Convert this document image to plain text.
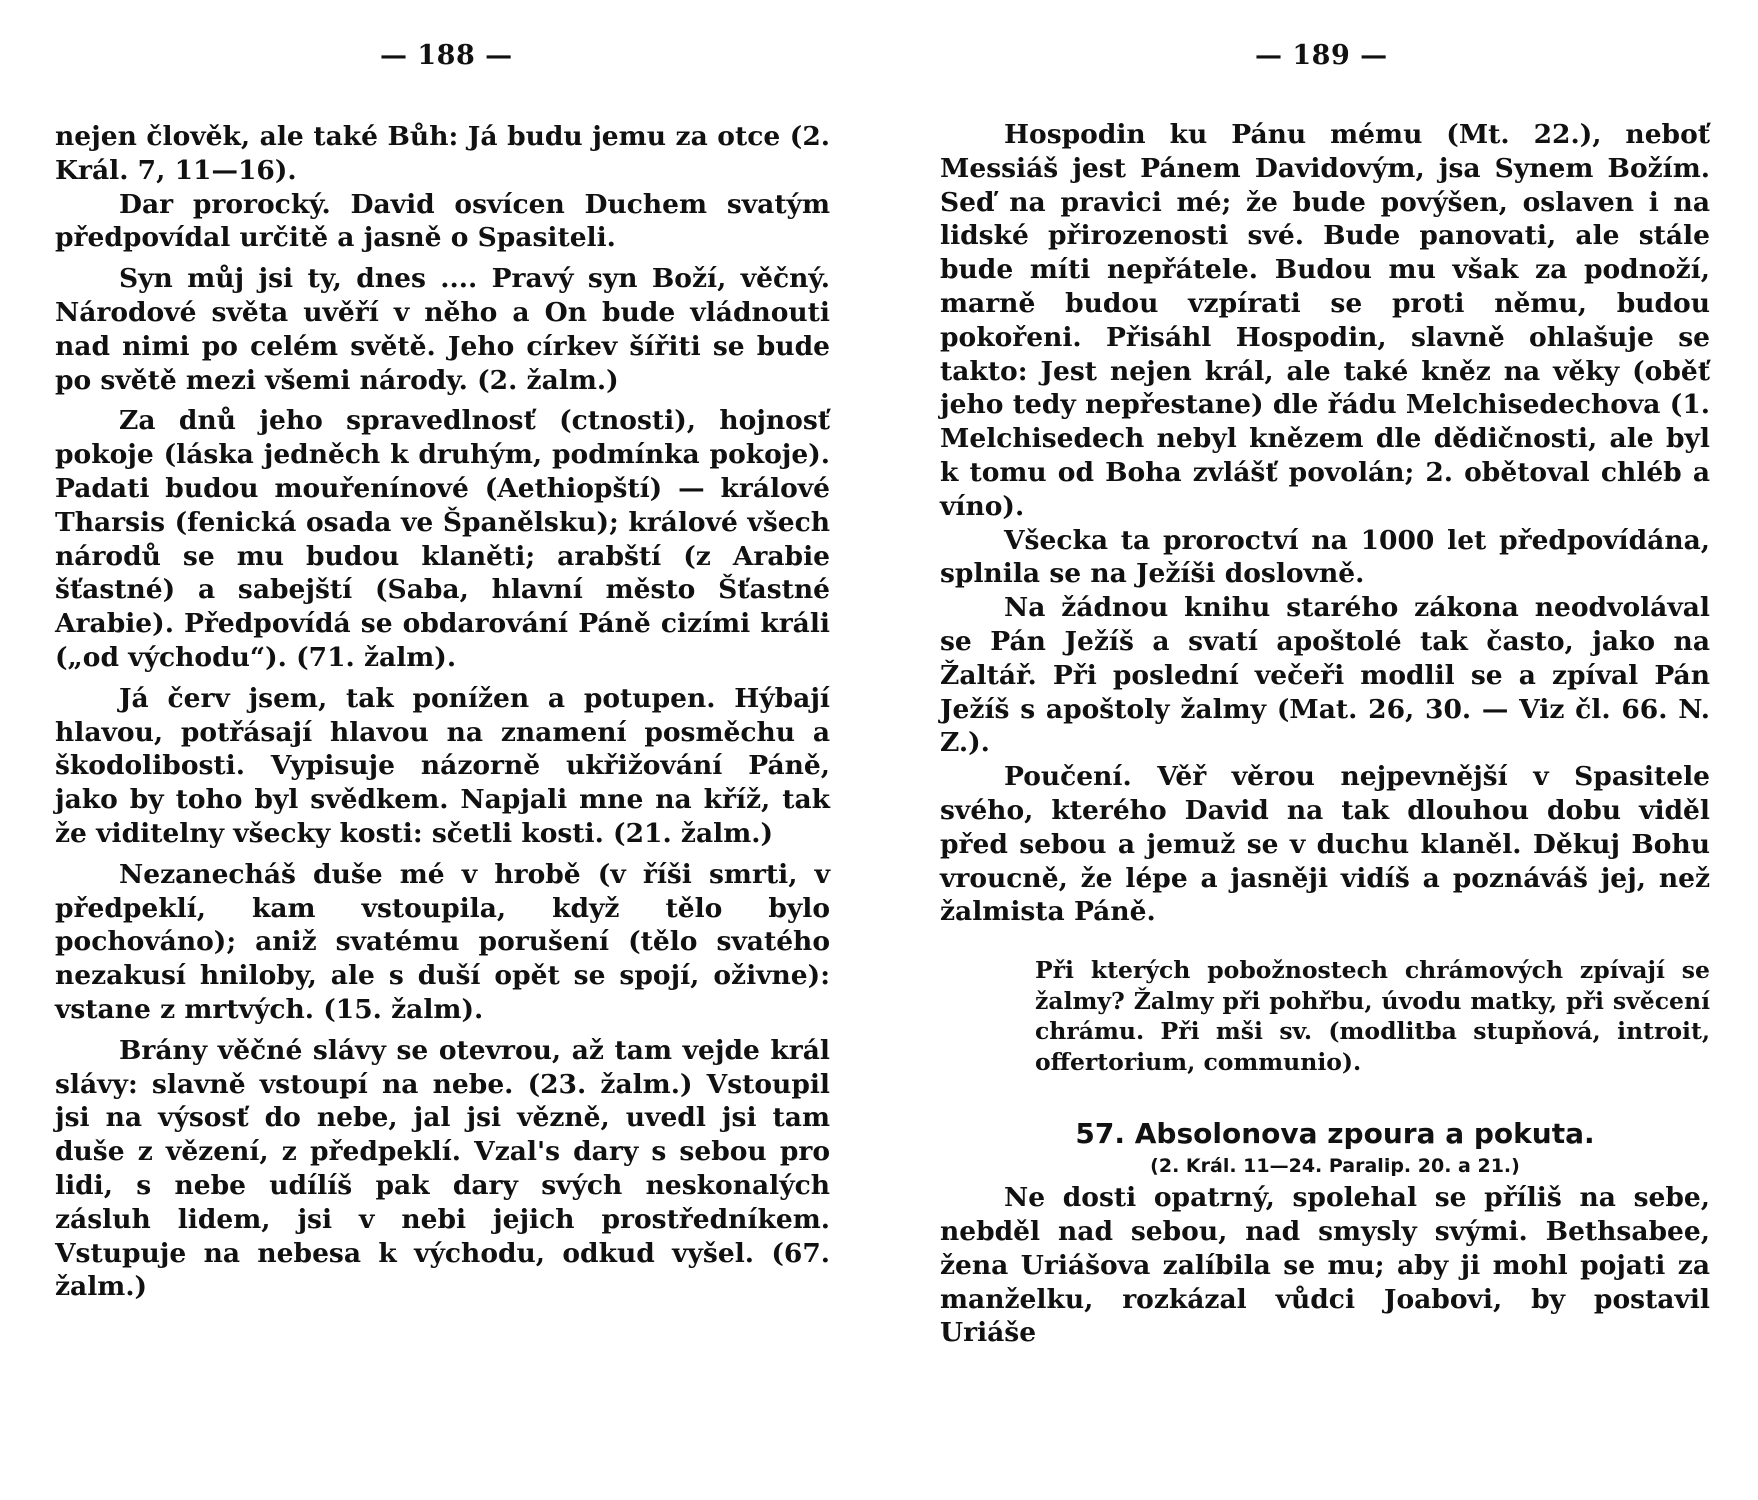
— 188 —

nejen člověk, ale také Bůh: Já budu jemu za otce (2. Král. 7, 11—16).

Dar prorocký. David osvícen Duchem svatým předpovídal určitě a jasně o Spasiteli.

Syn můj jsi ty, dnes .... Pravý syn Boží, věčný. Národové světa uvěří v něho a On bude vládnouti nad nimi po celém světě. Jeho církev šířiti se bude po světě mezi všemi národy. (2. žalm.)

Za dnů jeho spravedlnosť (ctnosti), hojnosť pokoje (láska jedněch k druhým, podmínka pokoje). Padati budou mouřenínové (Aethiopští) — králové Tharsis (fenická osada ve Španělsku); králové všech národů se mu budou klaněti; arabští (z Arabie šťastné) a sabejští (Saba, hlavní město Šťastné Arabie). Předpovídá se obdarování Páně cizími králi („od východu“). (71. žalm).

Já červ jsem, tak ponížen a potupen. Hýbají hlavou, potřásají hlavou na znamení posměchu a škodolibosti. Vypisuje názorně ukřižování Páně, jako by toho byl svědkem. Napjali mne na kříž, tak že viditelny všecky kosti: sčetli kosti. (21. žalm.)

Nezanecháš duše mé v hrobě (v říši smrti, v předpeklí, kam vstoupila, když tělo bylo pochováno); aniž svatému porušení (tělo svatého nezakusí hniloby, ale s duší opět se spojí, oživne): vstane z mrtvých. (15. žalm).

Brány věčné slávy se otevrou, až tam vejde král slávy: slavně vstoupí na nebe. (23. žalm.) Vstoupil jsi na výsosť do nebe, jal jsi vězně, uvedl jsi tam duše z vězení, z předpeklí. Vzal's dary s sebou pro lidi, s nebe udílíš pak dary svých neskonalých zásluh lidem, jsi v nebi jejich prostředníkem. Vstupuje na nebesa k východu, odkud vyšel. (67. žalm.)

— 189 —

Hospodin ku Pánu mému (Mt. 22.), neboť Messiáš jest Pánem Davidovým, jsa Synem Božím. Seď na pravici mé; že bude povýšen, oslaven i na lidské přirozenosti své. Bude panovati, ale stále bude míti nepřátele. Budou mu však za podnoží, marně budou vzpírati se proti němu, budou pokořeni. Přisáhl Hospodin, slavně ohlašuje se takto: Jest nejen král, ale také kněz na věky (oběť jeho tedy nepřestane) dle řádu Melchisedechova (1. Melchisedech nebyl knězem dle dědičnosti, ale byl k tomu od Boha zvlášť povolán; 2. obětoval chléb a víno).

Všecka ta proroctví na 1000 let předpovídána, splnila se na Ježíši doslovně.

Na žádnou knihu starého zákona neodvolával se Pán Ježíš a svatí apoštolé tak často, jako na Žaltář. Při poslední večeři modlil se a zpíval Pán Ježíš s apoštoly žalmy (Mat. 26, 30. — Viz čl. 66. N. Z.).

Poučení. Věř věrou nejpevnější v Spasitele svého, kterého David na tak dlouhou dobu viděl před sebou a jemuž se v duchu klaněl. Děkuj Bohu vroucně, že lépe a jasněji vidíš a poznáváš jej, než žalmista Páně.

Při kterých pobožnostech chrámových zpívají se žalmy? Žalmy při pohřbu, úvodu matky, při svěcení chrámu. Při mši sv. (modlitba stupňová, introit, offertorium, communio).

57. Absolonova zpoura a pokuta.
(2. Král. 11—24. Paralip. 20. a 21.)

Ne dosti opatrný, spolehal se příliš na sebe, nebděl nad sebou, nad smysly svými. Bethsabee, žena Uriášova zalíbila se mu; aby ji mohl pojati za manželku, rozkázal vůdci Joabovi, by postavil Uriáše
